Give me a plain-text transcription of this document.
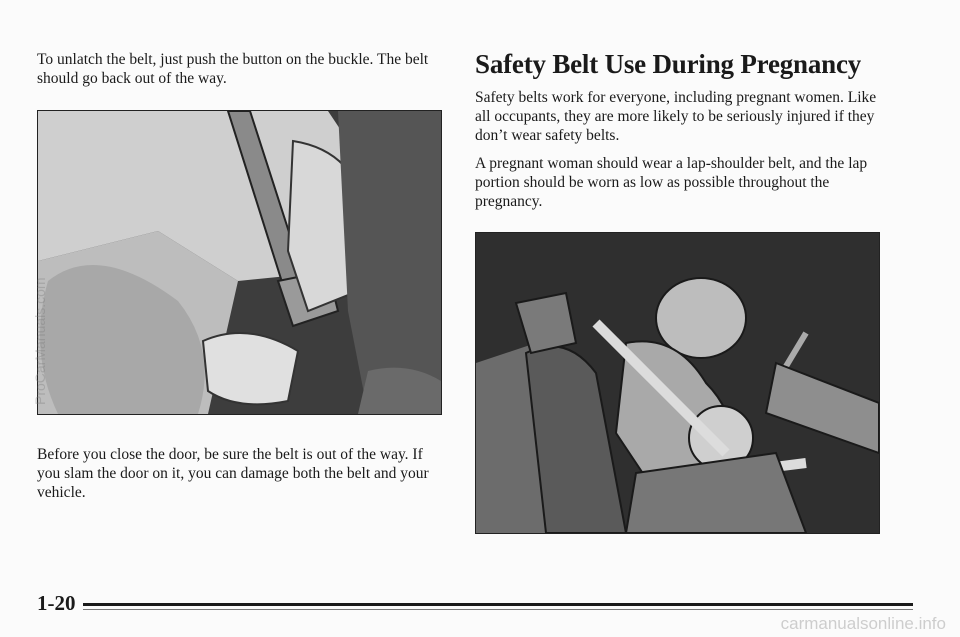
To unlatch the belt, just push the button on the buckle. The belt should go back out of the way.

Before you close the door, be sure the belt is out of the way. If you slam the door on it, you can damage both the belt and your vehicle.

Safety Belt Use During Pregnancy

Safety belts work for everyone, including pregnant women. Like all occupants, they are more likely to be seriously injured if they don’t wear safety belts.

A pregnant woman should wear a lap-shoulder belt, and the lap portion should be worn as low as possible throughout the pregnancy.

1-20

ProCarManuals.com
carmanualsonline.info
